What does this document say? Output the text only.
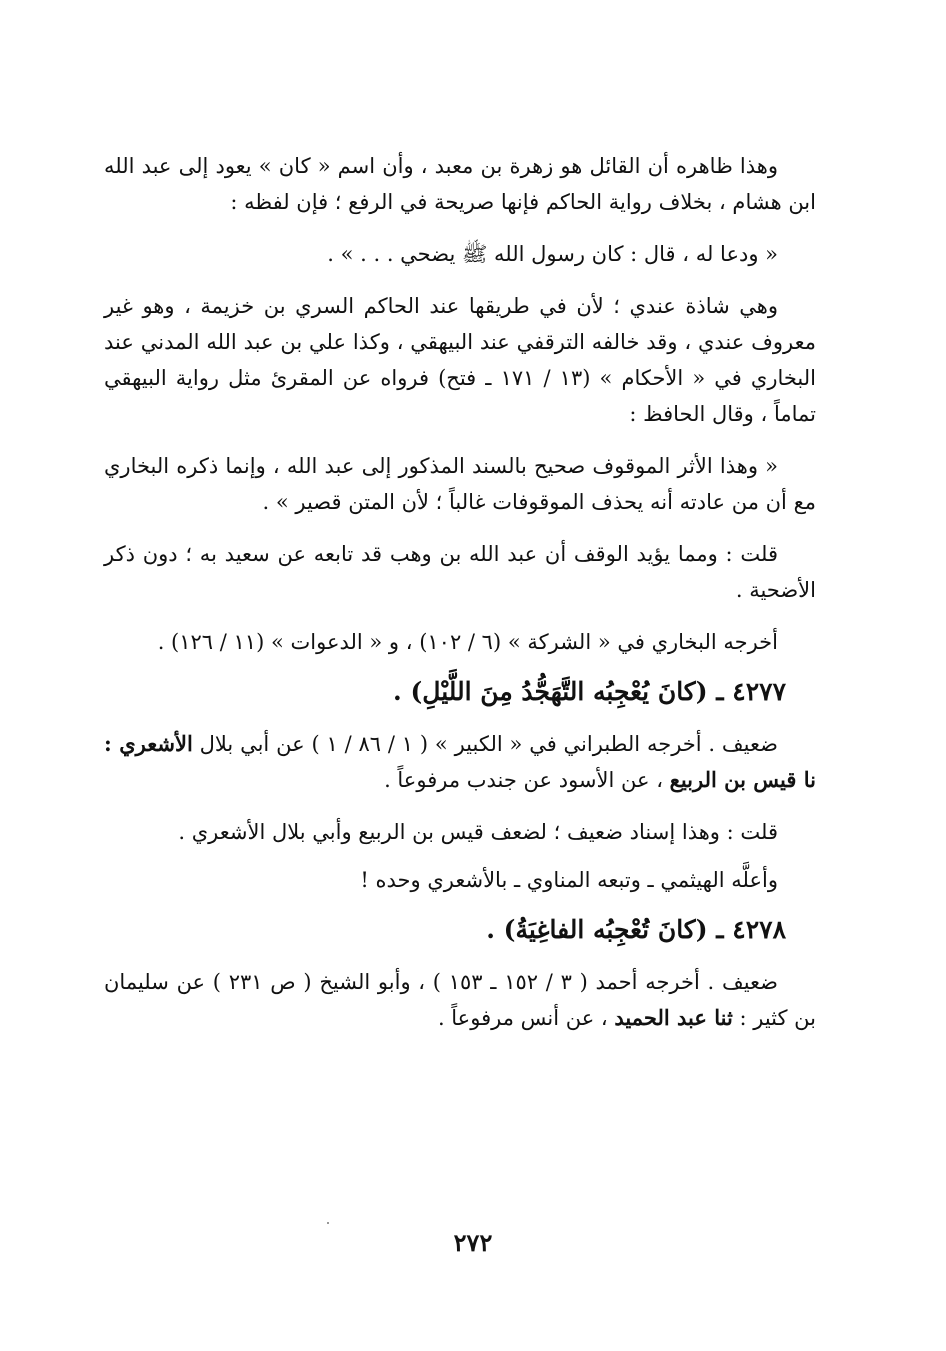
وهذا ظاهره أن القائل هو زهرة بن معبد ، وأن اسم « كان » يعود إلى عبد الله ابن هشام ، بخلاف رواية الحاكم فإنها صريحة في الرفع ؛ فإن لفظه :

« ودعا له ، قال : كان رسول الله ﷺ يضحي . . . » .

وهي شاذة عندي ؛ لأن في طريقها عند الحاكم السري بن خزيمة ، وهو غير معروف عندي ، وقد خالفه الترقفي عند البيهقي ، وكذا علي بن عبد الله المدني عند البخاري في « الأحكام » (١٣ / ١٧١ ـ فتح) فرواه عن المقرئ مثل رواية البيهقي تماماً ، وقال الحافظ :

« وهذا الأثر الموقوف صحيح بالسند المذكور إلى عبد الله ، وإنما ذكره البخاري مع أن من عادته أنه يحذف الموقوفات غالباً ؛ لأن المتن قصير » .

قلت : ومما يؤيد الوقف أن عبد الله بن وهب قد تابعه عن سعيد به ؛ دون ذكر الأضحية .

أخرجه البخاري في « الشركة » (٦ / ١٠٢) ، و « الدعوات » (١١ / ١٢٦) .

٤٢٧٧ ـ (كانَ يُعْجِبُه التَّهَجُّدُ مِنَ اللَّيْلِ) .

ضعيف . أخرجه الطبراني في « الكبير » ( ١ / ٨٦ / ١ ) عن أبي بلال الأشعري : نا قيس بن الربيع ، عن الأسود عن جندب مرفوعاً .

قلت : وهذا إسناد ضعيف ؛ لضعف قيس بن الربيع وأبي بلال الأشعري .

وأعلَّه الهيثمي ـ وتبعه المناوي ـ بالأشعري وحده !

٤٢٧٨ ـ (كانَ تُعْجِبُه الفاغِيَةُ) .

ضعيف . أخرجه أحمد ( ٣ / ١٥٢ ـ ١٥٣ ) ، وأبو الشيخ ( ص ٢٣١ ) عن سليمان بن كثير : ثنا عبد الحميد ، عن أنس مرفوعاً .

٢٧٢
